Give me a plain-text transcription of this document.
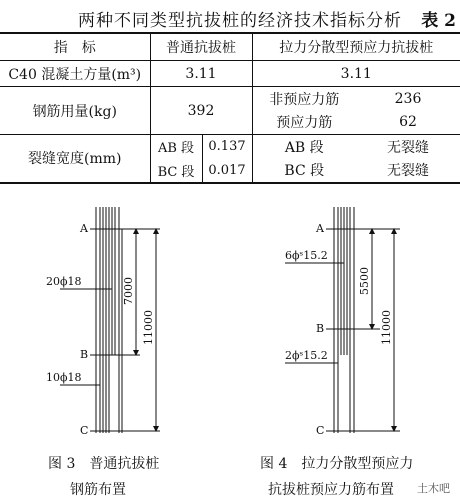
两种不同类型抗拔桩的经济技术指标分析 表 2
指　标	普通抗拔桩		拉力分散型预应力抗拔桩	
C40 混凝土方量(m³)	3.11		3.11	
钢筋用量(kg)	392		非预应力筋	236
			预应力筋	62
裂缝宽度(mm)	AB 段	0.137	AB 段	无裂缝
	BC 段	0.017	BC 段	无裂缝
A
B
C
20ϕ18
10ϕ18
7000
11000
A
B
C
6ϕˢ15.2
2ϕˢ15.2
5500
11000
图 3　普通抗拔桩
钢筋布置
图 4　拉力分散型预应力
抗拔桩预应力筋布置 土木吧
